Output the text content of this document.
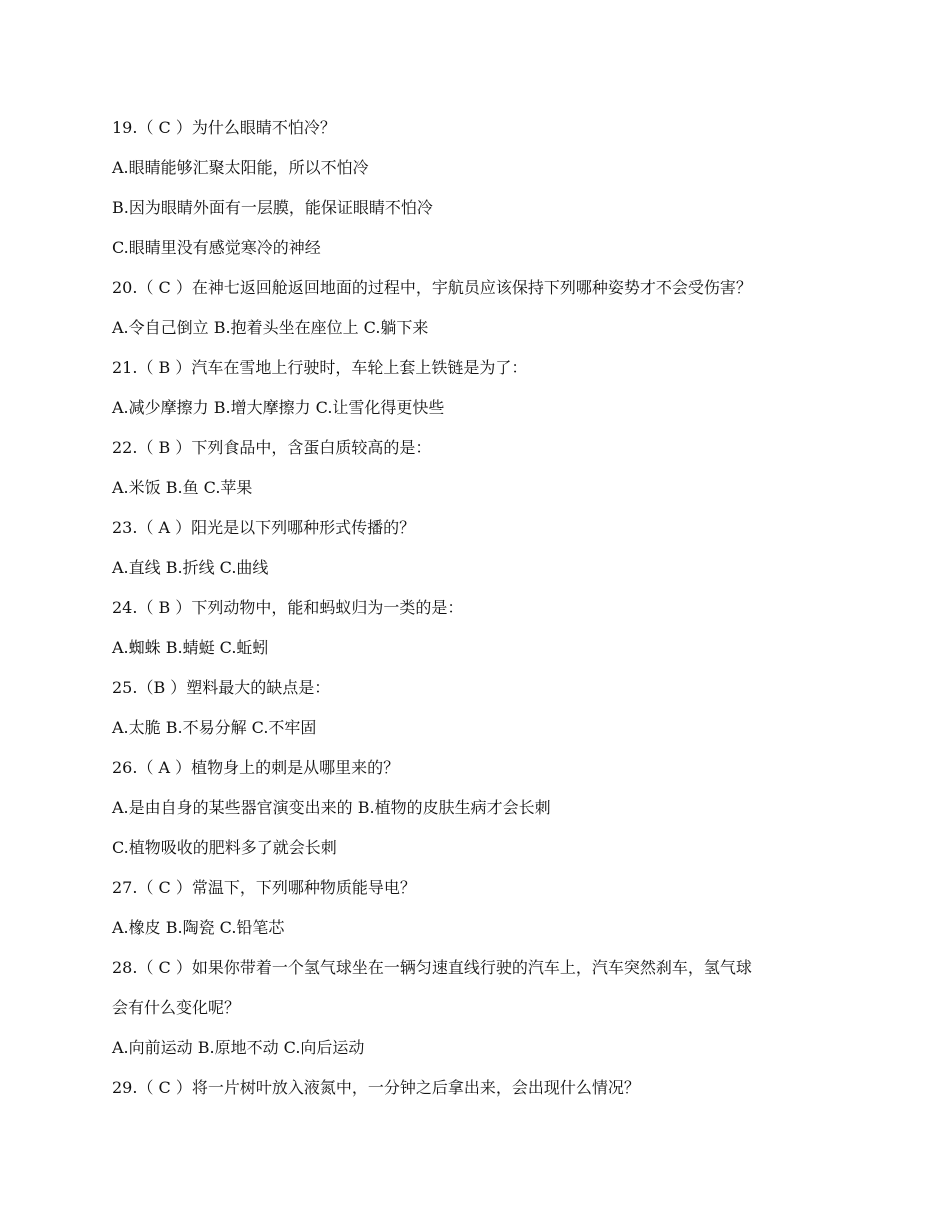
19.（ C ）为什么眼睛不怕冷？
A.眼睛能够汇聚太阳能，所以不怕冷
B.因为眼睛外面有一层膜，能保证眼睛不怕冷
C.眼睛里没有感觉寒冷的神经
20.（ C ）在神七返回舱返回地面的过程中，宇航员应该保持下列哪种姿势才不会受伤害？
A.令自己倒立 B.抱着头坐在座位上 C.躺下来
21.（ B ）汽车在雪地上行驶时，车轮上套上铁链是为了：
A.减少摩擦力 B.增大摩擦力 C.让雪化得更快些
22.（ B ）下列食品中，含蛋白质较高的是：
A.米饭 B.鱼 C.苹果
23.（ A ）阳光是以下列哪种形式传播的？
A.直线 B.折线 C.曲线
24.（ B ）下列动物中，能和蚂蚁归为一类的是：
A.蜘蛛 B.蜻蜓 C.蚯蚓
25.（B ）塑料最大的缺点是：
A.太脆 B.不易分解 C.不牢固
26.（ A ）植物身上的刺是从哪里来的？
A.是由自身的某些器官演变出来的 B.植物的皮肤生病才会长刺
C.植物吸收的肥料多了就会长刺
27.（ C ）常温下，下列哪种物质能导电？
A.橡皮 B.陶瓷 C.铅笔芯
28.（ C ）如果你带着一个氢气球坐在一辆匀速直线行驶的汽车上，汽车突然刹车，氢气球
会有什么变化呢？
A.向前运动 B.原地不动 C.向后运动
29.（ C ）将一片树叶放入液氮中，一分钟之后拿出来，会出现什么情况？
